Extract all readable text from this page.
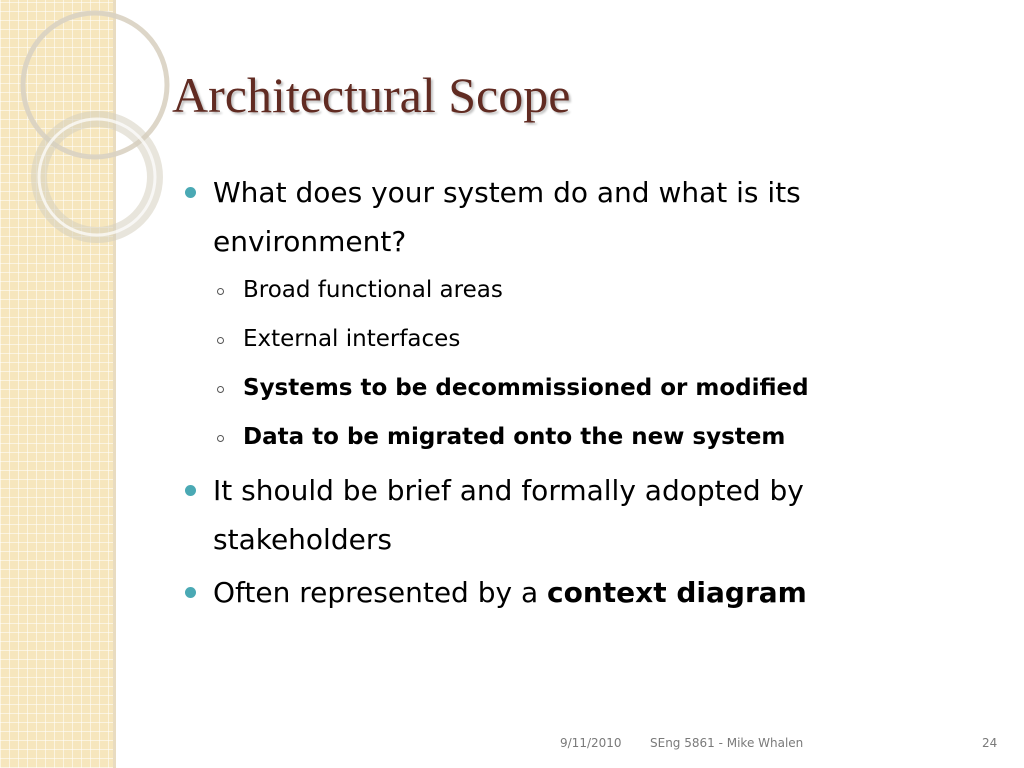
Architectural Scope
What does your system do and what is its environment?
Broad functional areas
External interfaces
Systems to be decommissioned or modified
Data to be migrated onto the new system
It should be brief and formally adopted by stakeholders
Often represented by a context diagram
9/11/2010 SEng 5861 - Mike Whalen	24
